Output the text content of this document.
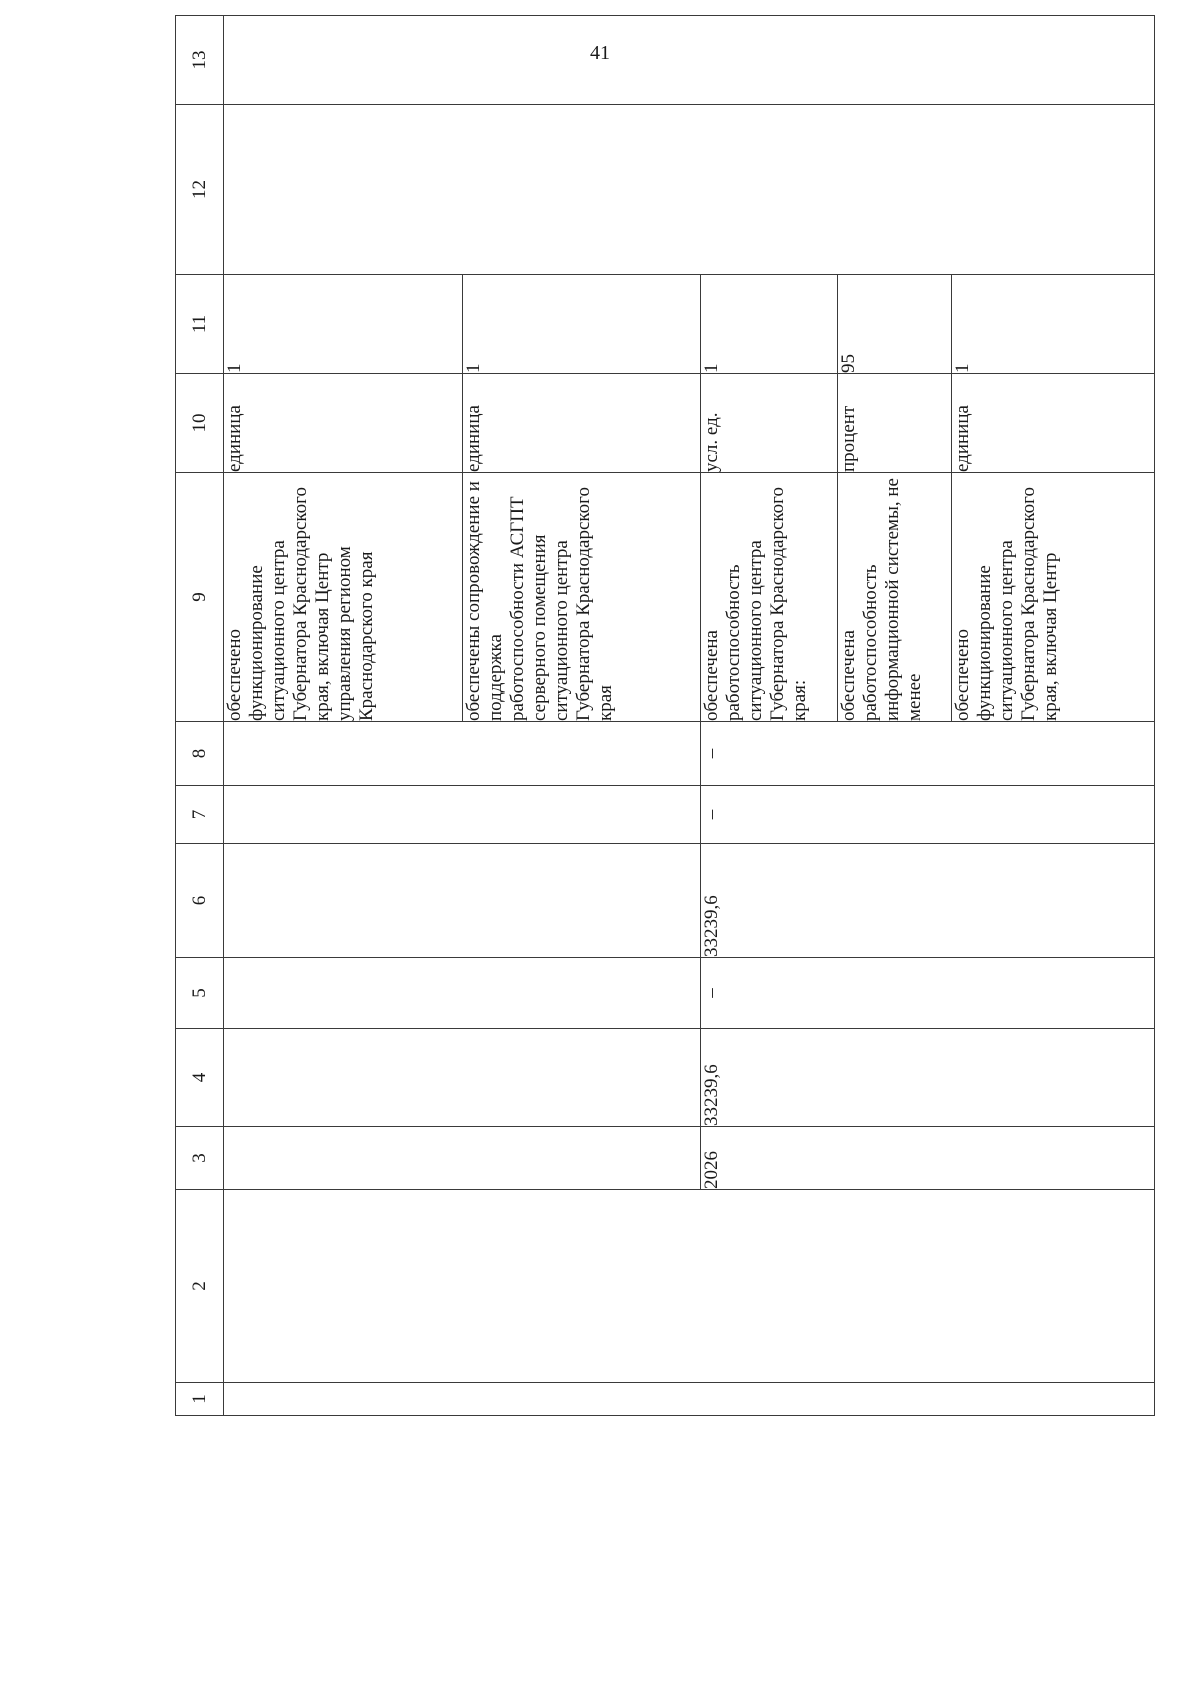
41
1	2	3	4	5	6	7	8	9	10	11	12	13
								обеспечено функционирование ситуационного центра Губернатора Краснодарского края, включая Центр управления регионом Краснодарского края	единица	1		
								обеспечены сопровождение и поддержка работоспособности АСГПТ серверного помещения ситуационного центра Губернатора Краснодарского края	единица	1		
		2026	33239,6	–	33239,6	–	–	обеспечена работоспособность ситуационного центра Губернатора Краснодарского края:	усл. ед.	1		
								обеспечена работоспособность информационной системы, не менее	процент	95		
								обеспечено функционирование ситуационного центра Губернатора Краснодарского края, включая Центр	единица	1		
